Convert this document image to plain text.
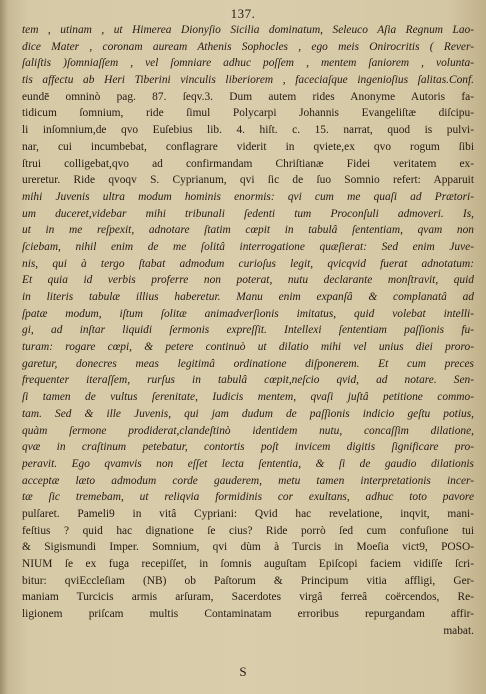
137.
tem , utinam , ut Himerea Dionyſio Sicilia dominatum, Seleuco Aſia Regnum Lao-
dice Mater , coronam auream Athenis Sophocles , ego meis Onirocritis ( Rever-
ſaliſtis )ſomniaſſem , vel ſomniare adhuc poſſem , mentem ſaniorem , volunta-
tis affectu ab Heri Tiberini vinculis liberiorem , faceciaſque ingenioſius ſalitas.Conf.
eundē omninò pag. 87. ſeqv.3. Dum autem rides Anonyme Autoris fa-
tidicum ſomnium, ride ſimul Polycarpi Johannis Evangeliſtæ diſcipu-
li inſomnium,de qvo Euſebius lib. 4. hiſt. c. 15. narrat, quod is pulvi-
nar, cui incumbebat, conflagrare viderit in qviete,ex qvo rogum ſibi
ſtrui colligebat,qvo ad confirmandam Chriſtianæ Fidei veritatem ex-
ureretur. Ride qvoqv S. Cyprianum, qvi ſic de ſuo Somnio refert: Apparuit
mihi Juvenis ultra modum hominis enormis: qvi cum me quaſi ad Prætori-
um duceret,videbar mihi tribunali ſedenti tum Proconſuli admoveri. Is,
ut in me reſpexit, adnotare ſtatim cœpit in tabulâ ſententiam, qvam non
ſciebam, nihil enim de me ſolitâ interrogatione quæſierat: Sed enim Juve-
nis, qui à tergo ſtabat admodum curioſus legit, qvicqvid fuerat adnotatum:
Et quia id verbis proferre non poterat, nutu declarante monſtravit, quid
in literis tabulæ illius haberetur. Manu enim expanſâ & complanatâ ad
ſpatæ modum, iſtum ſolitæ animadverſionis imitatus, quid volebat intelli-
gi, ad inſtar liquidi ſermonis expreſſit. Intellexi ſententiam paſſionis fu-
turam: rogare cœpi, & petere continuò ut dilatio mihi vel unius diei proro-
garetur, donecres meas legitimâ ordinatione diſponerem. Et cum preces
frequenter iteraſſem, rurſus in tabulâ cœpit,neſcio qvid, ad notare. Sen-
ſi tamen de vultus ſerenitate, Iudicis mentem, qvaſi juſtâ petitione commo-
tam. Sed & ille Juvenis, qui jam dudum de paſſionis indicio geſtu potius,
quàm ſermone prodiderat,clandeſtinò identidem nutu, concaſſim dilatione,
qvæ in craſtinum petebatur, contortis poſt invicem digitis ſignificare pro-
peravit. Ego qvamvis non eſſet lecta ſententia, & ſi de gaudio dilationis
acceptæ læto admodum corde gauderem, metu tamen interpretationis incer-
tæ ſic tremebam, ut reliqvia formidinis cor exultans, adhuc toto pavore
pulſaret. Pameli9 in vitâ Cypriani: Qvid hac revelatione, inqvit, mani-
feſtius ? quid hac dignatione ſe cius? Ride porrò ſed cum confuſione tui
& Sigismundi Imper. Somnium, qvi dùm à Turcis in Moeſia vict9, POSO-
NIUM ſe ex fuga recepiſſet, in ſomnis auguſtam Epiſcopi faciem vidiſſe ſcri-
bitur: qviEccleſiam (NB) ob Paſtorum & Principum vitia affligi, Ger-
maniam Turcicis armis arſuram, Sacerdotes virgâ ferreâ coërcendos, Re-
ligionem priſcam multis Contaminatam erroribus repurgandam affir-
mabat.
S
